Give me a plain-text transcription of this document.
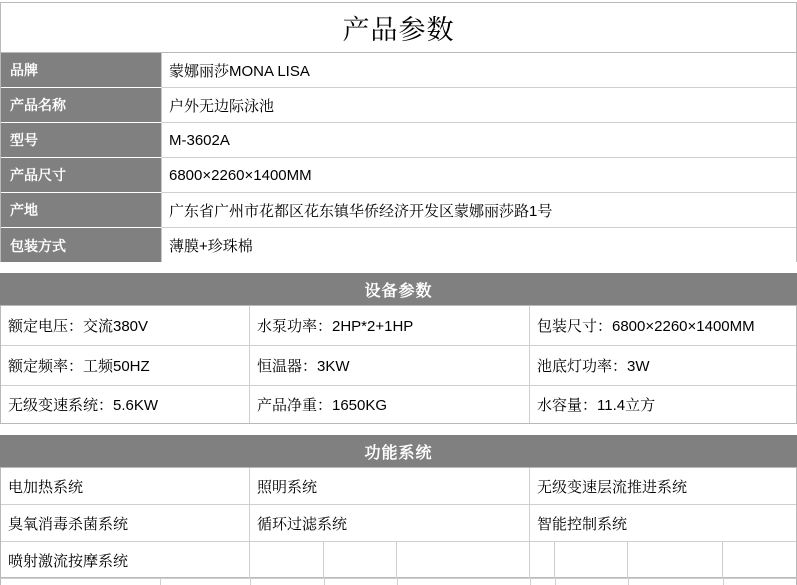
产品参数
品牌	蒙娜丽莎MONA LISA
产品名称	户外无边际泳池
型号	M-3602A
产品尺寸	6800×2260×1400MM
产地	广东省广州市花都区花东镇华侨经济开发区蒙娜丽莎路1号
包装方式	薄膜+珍珠棉
设备参数
额定电压：交流380V	水泵功率：2HP*2+1HP	包装尺寸：6800×2260×1400MM
额定频率：工频50HZ	恒温器：3KW	池底灯功率：3W
无级变速系统：5.6KW	产品净重：1650KG	水容量：11.4立方
功能系统
电加热系统	照明系统	无级变速层流推进系统
臭氧消毒杀菌系统	循环过滤系统	智能控制系统
喷射激流按摩系统
